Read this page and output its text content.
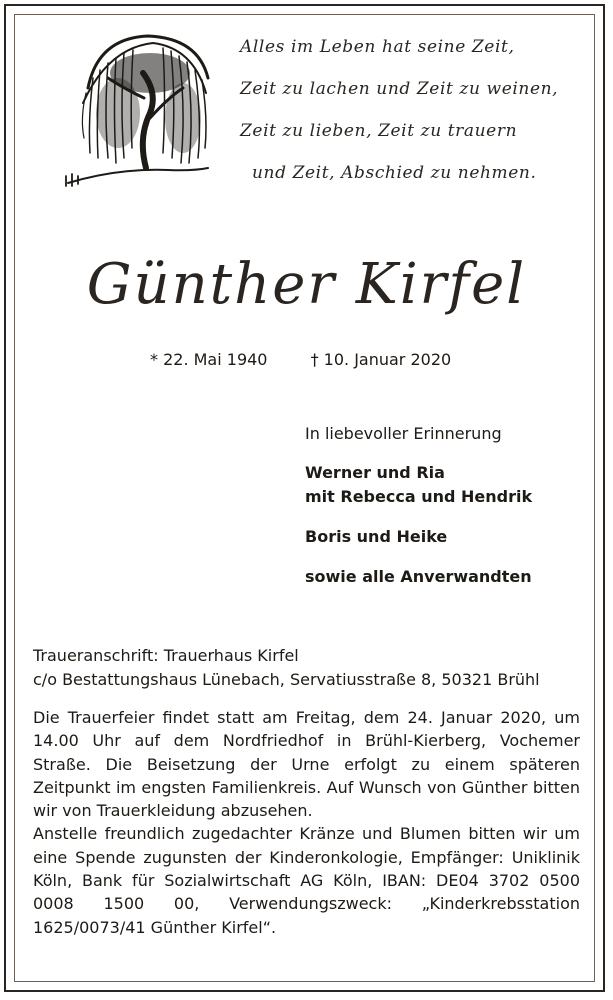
Alles im Leben hat seine Zeit,
Zeit zu lachen und Zeit zu weinen,
Zeit zu lieben, Zeit zu trauern
und Zeit, Abschied zu nehmen.
Günther Kirfel
* 22. Mai 1940	† 10. Januar 2020
In liebevoller Erinnerung
Werner und Ria
mit Rebecca und Hendrik
Boris und Heike
sowie alle Anverwandten
Traueranschrift: Trauerhaus Kirfel
c/o Bestattungshaus Lünebach, Servatiusstraße 8, 50321 Brühl
Die Trauerfeier findet statt am Freitag, dem 24. Januar 2020, um 14.00 Uhr auf dem Nordfriedhof in Brühl-Kierberg, Vochemer Straße. Die Beisetzung der Urne erfolgt zu einem späteren Zeitpunkt im engsten Familienkreis. Auf Wunsch von Günther bitten wir von Trauerkleidung abzusehen.
Anstelle freundlich zugedachter Kränze und Blumen bitten wir um eine Spende zugunsten der Kinderonkologie, Empfänger: Uniklinik Köln, Bank für Sozialwirtschaft AG Köln, IBAN: DE04 3702 0500 0008 1500 00, Verwendungszweck: „Kinderkrebsstation 1625/0073/41 Günther Kirfel“.
